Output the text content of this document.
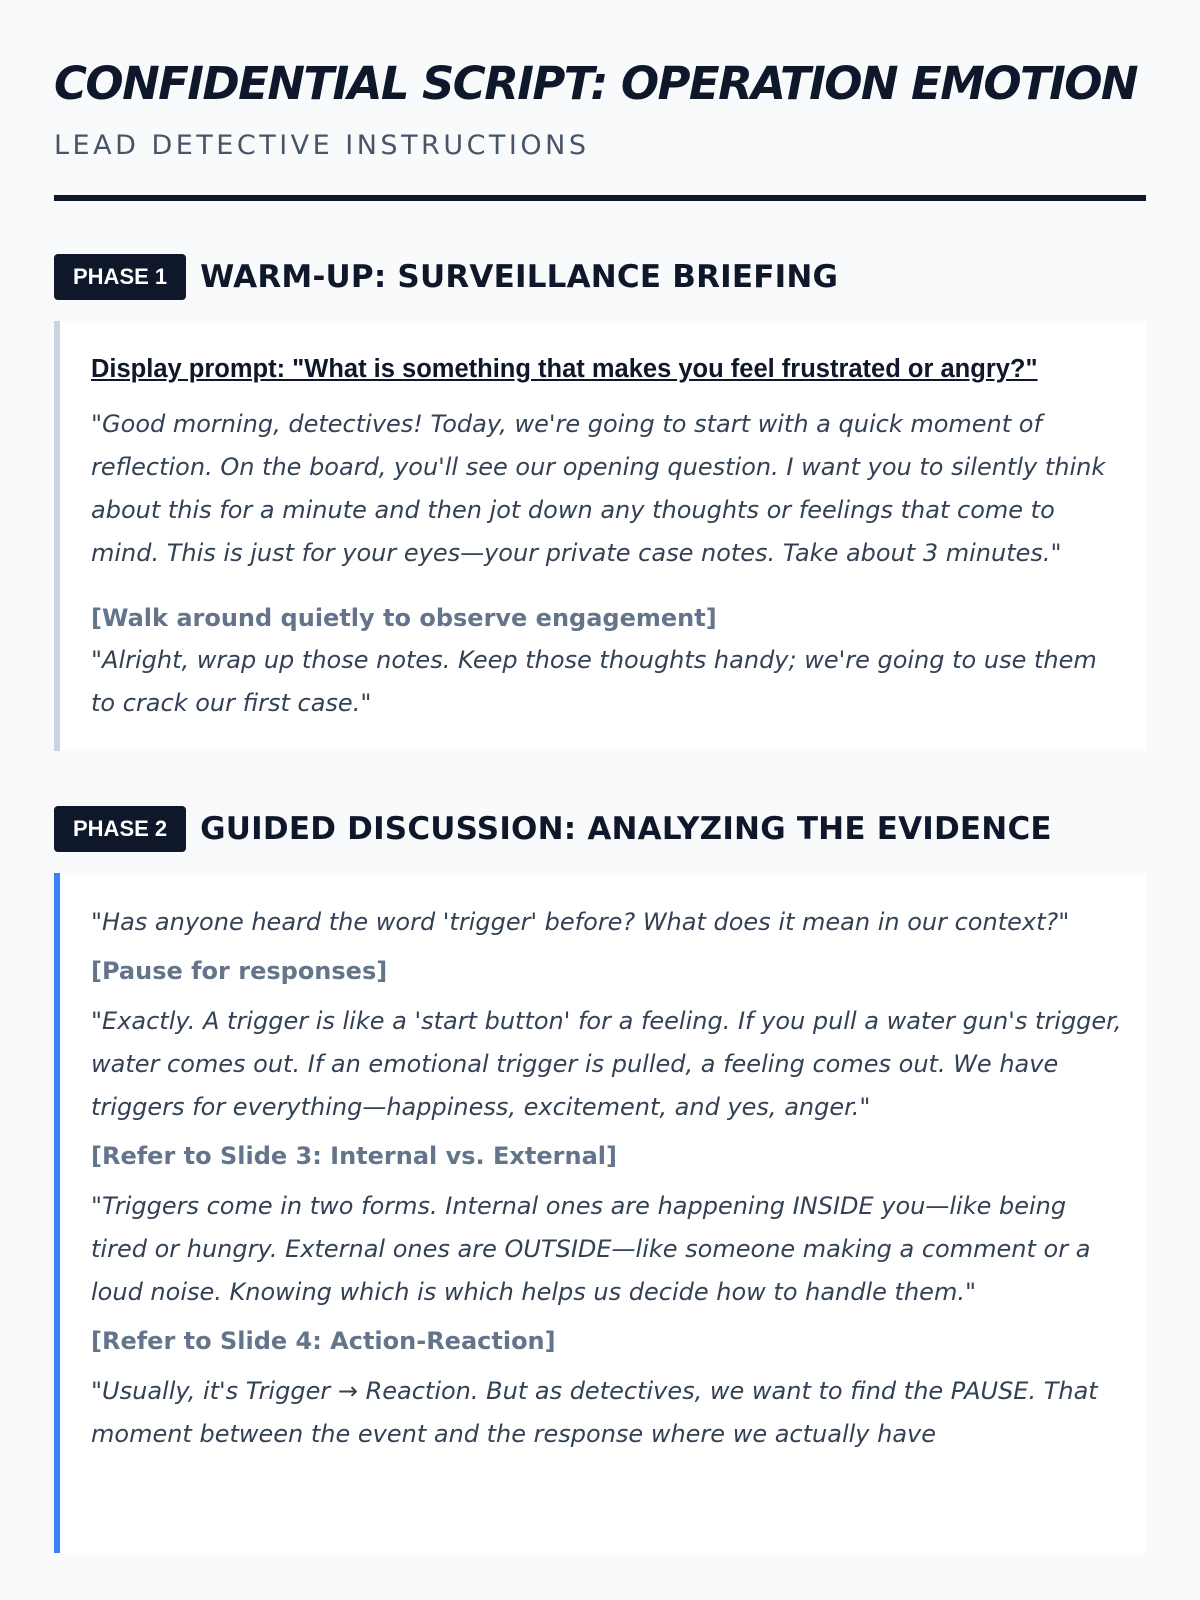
CONFIDENTIAL SCRIPT: OPERATION EMOTION
LEAD DETECTIVE INSTRUCTIONS
PHASE 1	WARM-UP: SURVEILLANCE BRIEFING
Display prompt: "What is something that makes you feel frustrated or angry?"

"Good morning, detectives! Today, we're going to start with a quick moment of reflection. On the board, you'll see our opening question. I want you to silently think about this for a minute and then jot down any thoughts or feelings that come to mind. This is just for your eyes—your private case notes. Take about 3 minutes."

[Walk around quietly to observe engagement]

"Alright, wrap up those notes. Keep those thoughts handy; we're going to use them to crack our first case."

PHASE 2	GUIDED DISCUSSION: ANALYZING THE EVIDENCE

"Has anyone heard the word 'trigger' before? What does it mean in our context?"

[Pause for responses]

"Exactly. A trigger is like a 'start button' for a feeling. If you pull a water gun's trigger, water comes out. If an emotional trigger is pulled, a feeling comes out. We have triggers for everything—happiness, excitement, and yes, anger."

[Refer to Slide 3: Internal vs. External]

"Triggers come in two forms. Internal ones are happening INSIDE you—like being tired or hungry. External ones are OUTSIDE—like someone making a comment or a loud noise. Knowing which is which helps us decide how to handle them."

[Refer to Slide 4: Action-Reaction]

"Usually, it's Trigger → Reaction. But as detectives, we want to find the PAUSE. That moment between the event and the response where we actually have
